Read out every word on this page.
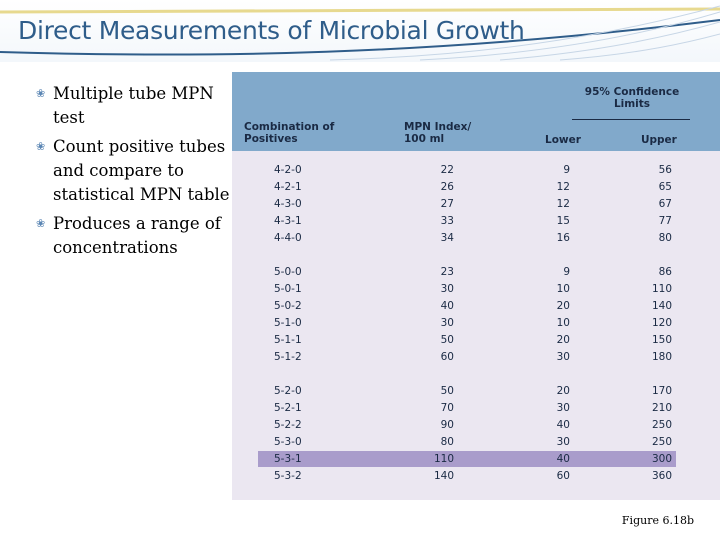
Direct Measurements of Microbial Growth
❀ Multiple tube MPN test
❀ Count positive tubes and compare to statistical MPN table
❀ Produces a range of concentrations
Combination of Positives
MPN Index/ 100 ml
95% Confidence Limits
Lower	Upper
4-2-0	22	9	56
4-2-1	26	12	65
4-3-0	27	12	67
4-3-1	33	15	77
4-4-0	34	16	80
5-0-0	23	9	86
5-0-1	30	10	110
5-0-2	40	20	140
5-1-0	30	10	120
5-1-1	50	20	150
5-1-2	60	30	180
5-2-0	50	20	170
5-2-1	70	30	210
5-2-2	90	40	250
5-3-0	80	30	250
5-3-1	110	40	300
5-3-2	140	60	360
Figure 6.18b
